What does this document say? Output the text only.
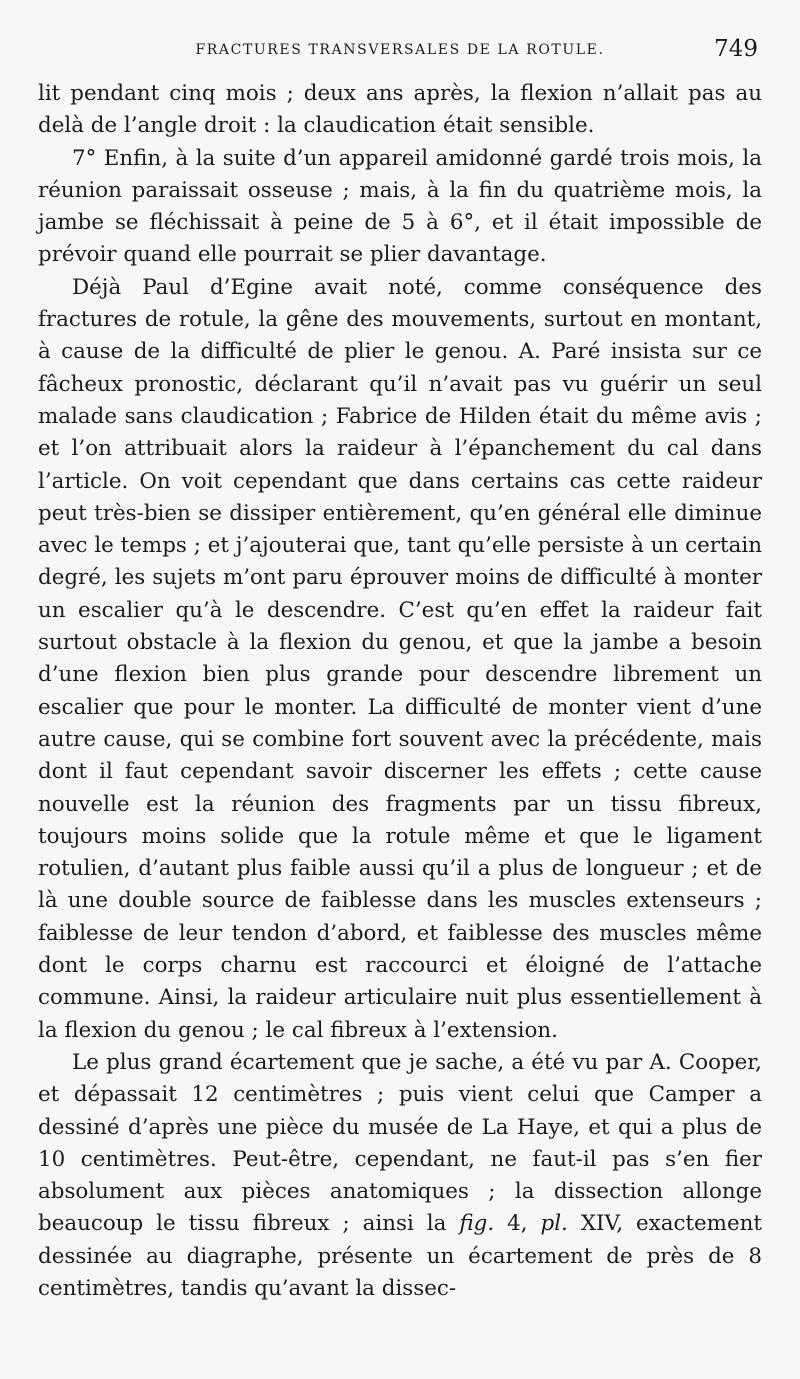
FRACTURES TRANSVERSALES DE LA ROTULE.	749

lit pendant cinq mois ; deux ans après, la flexion n’allait pas au delà de l’angle droit : la claudication était sensible.

7° Enfin, à la suite d’un appareil amidonné gardé trois mois, la réunion paraissait osseuse ; mais, à la fin du quatrième mois, la jambe se fléchissait à peine de 5 à 6°, et il était impossible de prévoir quand elle pourrait se plier davantage.

Déjà Paul d’Egine avait noté, comme conséquence des fractures de rotule, la gêne des mouvements, surtout en montant, à cause de la difficulté de plier le genou. A. Paré insista sur ce fâcheux pronostic, déclarant qu’il n’avait pas vu guérir un seul malade sans claudication ; Fabrice de Hilden était du même avis ; et l’on attribuait alors la raideur à l’épanchement du cal dans l’article. On voit cependant que dans certains cas cette raideur peut très-bien se dissiper entièrement, qu’en général elle diminue avec le temps ; et j’ajouterai que, tant qu’elle persiste à un certain degré, les sujets m’ont paru éprouver moins de difficulté à monter un escalier qu’à le descendre. C’est qu’en effet la raideur fait surtout obstacle à la flexion du genou, et que la jambe a besoin d’une flexion bien plus grande pour descendre librement un escalier que pour le monter. La difficulté de monter vient d’une autre cause, qui se combine fort souvent avec la précédente, mais dont il faut cependant savoir discerner les effets ; cette cause nouvelle est la réunion des fragments par un tissu fibreux, toujours moins solide que la rotule même et que le ligament rotulien, d’autant plus faible aussi qu’il a plus de longueur ; et de là une double source de faiblesse dans les muscles extenseurs ; faiblesse de leur tendon d’abord, et faiblesse des muscles même dont le corps charnu est raccourci et éloigné de l’attache commune. Ainsi, la raideur articulaire nuit plus essentiellement à la flexion du genou ; le cal fibreux à l’extension.

Le plus grand écartement que je sache, a été vu par A. Cooper, et dépassait 12 centimètres ; puis vient celui que Camper a dessiné d’après une pièce du musée de La Haye, et qui a plus de 10 centimètres. Peut-être, cependant, ne faut-il pas s’en fier absolument aux pièces anatomiques ; la dissection allonge beaucoup le tissu fibreux ; ainsi la fig. 4, pl. XIV, exactement dessinée au diagraphe, présente un écartement de près de 8 centimètres, tandis qu’avant la dissec-
